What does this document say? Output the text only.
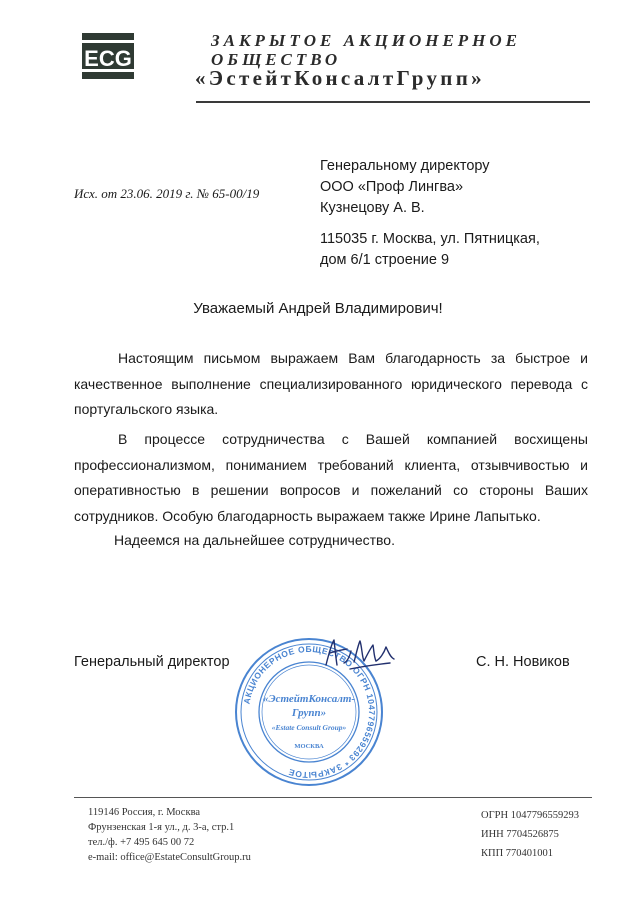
ECG
ЗАКРЫТОЕ АКЦИОНЕРНОЕ
ОБЩЕСТВО
«ЭстейтКонсалтГрупп»
Исх. от 23.06. 2019 г. № 65-00/19
Генеральному директору
ООО «Проф Лингва»
Кузнецову А. В.
115035 г. Москва, ул. Пятницкая,
дом 6/1 строение 9
Уважаемый Андрей Владимирович!
Настоящим письмом выражаем Вам благодарность за быстрое и
качественное выполнение специализированного юридического перевода с
португальского языка.
В процессе сотрудничества с Вашей компанией восхищены
профессионализмом, пониманием требований клиента, отзывчивостью и
оперативностью в решении вопросов и пожеланий со стороны Ваших
сотрудников. Особую благодарность выражаем также Ирине Лапытько.
Надеемся на дальнейшее сотрудничество.
Генеральный директор	С. Н. Новиков
АКЦИОНЕРНОЕ ОБЩЕСТВО ОГРН 1047796559293 * ЗАКРЫТОЕ
«ЭстейтКонсалт-
Групп»
«Estate Consult Group»
МОСКВА
119146 Россия, г. Москва
Фрунзенская 1-я ул., д. 3-а, стр.1
тел./ф. +7 495 645 00 72
e-mail: office@EstateConsultGroup.ru
ОГРН 1047796559293
ИНН 7704526875
КПП 770401001
